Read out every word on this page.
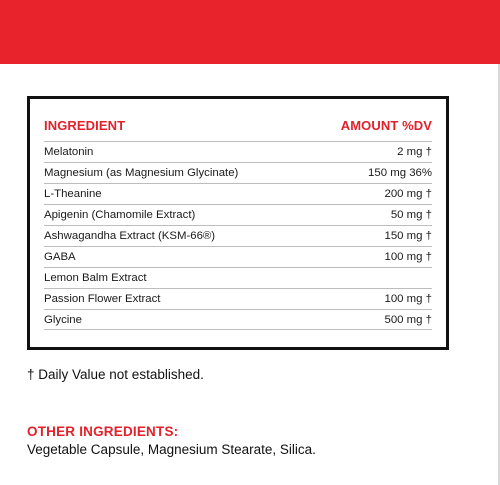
INGREDIENT	AMOUNT %DV
Melatonin	2 mg †
Magnesium (as Magnesium Glycinate)	150 mg 36%
L-Theanine	200 mg †
Apigenin (Chamomile Extract)	50 mg †
Ashwagandha Extract (KSM-66®)	150 mg †
GABA	100 mg †
Lemon Balm Extract
Passion Flower Extract	100 mg †
Glycine	500 mg †
† Daily Value not established.
OTHER INGREDIENTS:
Vegetable Capsule, Magnesium Stearate, Silica.
